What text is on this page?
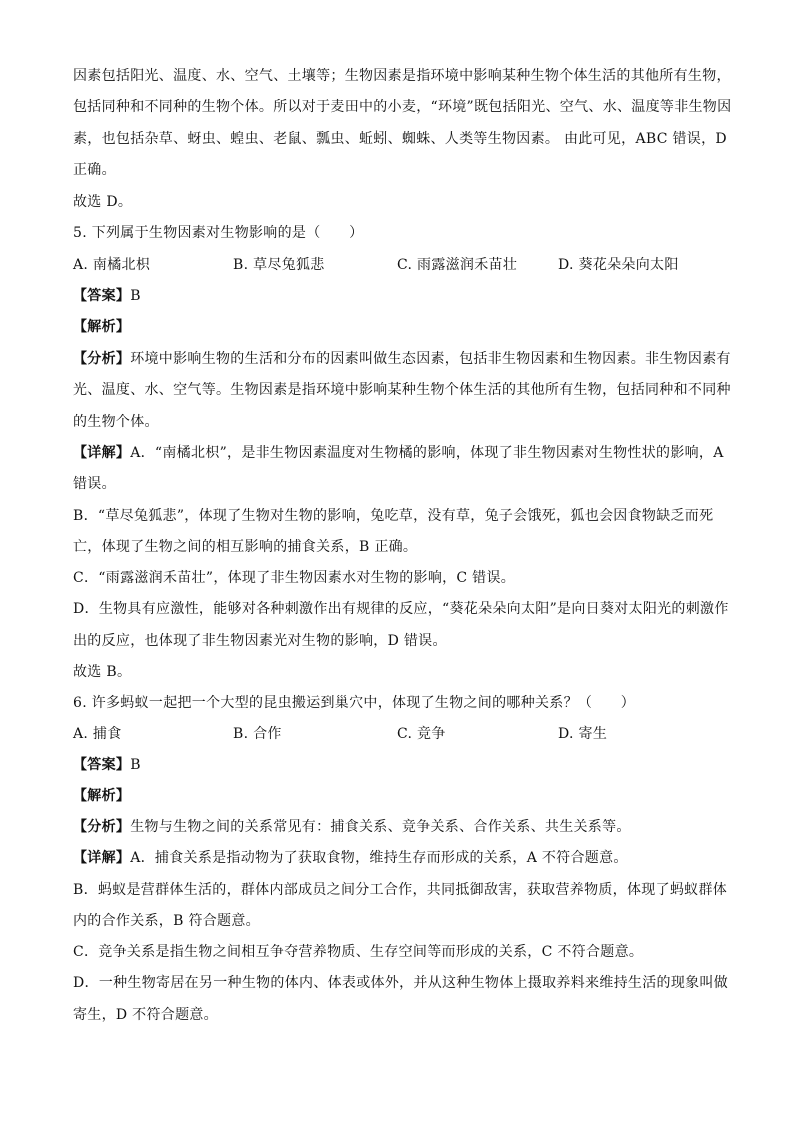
因素包括阳光、温度、水、空气、土壤等；生物因素是指环境中影响某种生物个体生活的其他所有生物，
包括同种和不同种的生物个体。所以对于麦田中的小麦，“环境”既包括阳光、空气、水、温度等非生物因
素，也包括杂草、蚜虫、蝗虫、老鼠、瓢虫、蚯蚓、蜘蛛、人类等生物因素。 由此可见，ABC 错误，D
正确。
故选 D。
5. 下列属于生物因素对生物影响的是（　　）
A. 南橘北枳	B. 草尽兔狐悲	C. 雨露滋润禾苗壮	D. 葵花朵朵向太阳
【答案】B
【解析】
【分析】环境中影响生物的生活和分布的因素叫做生态因素，包括非生物因素和生物因素。非生物因素有
光、温度、水、空气等。生物因素是指环境中影响某种生物个体生活的其他所有生物，包括同种和不同种
的生物个体。
【详解】A．“南橘北枳”，是非生物因素温度对生物橘的影响，体现了非生物因素对生物性状的影响，A
错误。
B．“草尽兔狐悲”，体现了生物对生物的影响，兔吃草，没有草，兔子会饿死，狐也会因食物缺乏而死
亡，体现了生物之间的相互影响的捕食关系，B 正确。
C．“雨露滋润禾苗壮”，体现了非生物因素水对生物的影响，C 错误。
D．生物具有应激性，能够对各种刺激作出有规律的反应，“葵花朵朵向太阳”是向日葵对太阳光的刺激作
出的反应，也体现了非生物因素光对生物的影响，D 错误。
故选 B。
6. 许多蚂蚁一起把一个大型的昆虫搬运到巢穴中，体现了生物之间的哪种关系？（　　）
A. 捕食	B. 合作	C. 竞争	D. 寄生
【答案】B
【解析】
【分析】生物与生物之间的关系常见有：捕食关系、竞争关系、合作关系、共生关系等。
【详解】A．捕食关系是指动物为了获取食物，维持生存而形成的关系，A 不符合题意。
B．蚂蚁是营群体生活的，群体内部成员之间分工合作，共同抵御敌害，获取营养物质，体现了蚂蚁群体
内的合作关系，B 符合题意。
C．竞争关系是指生物之间相互争夺营养物质、生存空间等而形成的关系，C 不符合题意。
D．一种生物寄居在另一种生物的体内、体表或体外，并从这种生物体上摄取养料来维持生活的现象叫做
寄生，D 不符合题意。
